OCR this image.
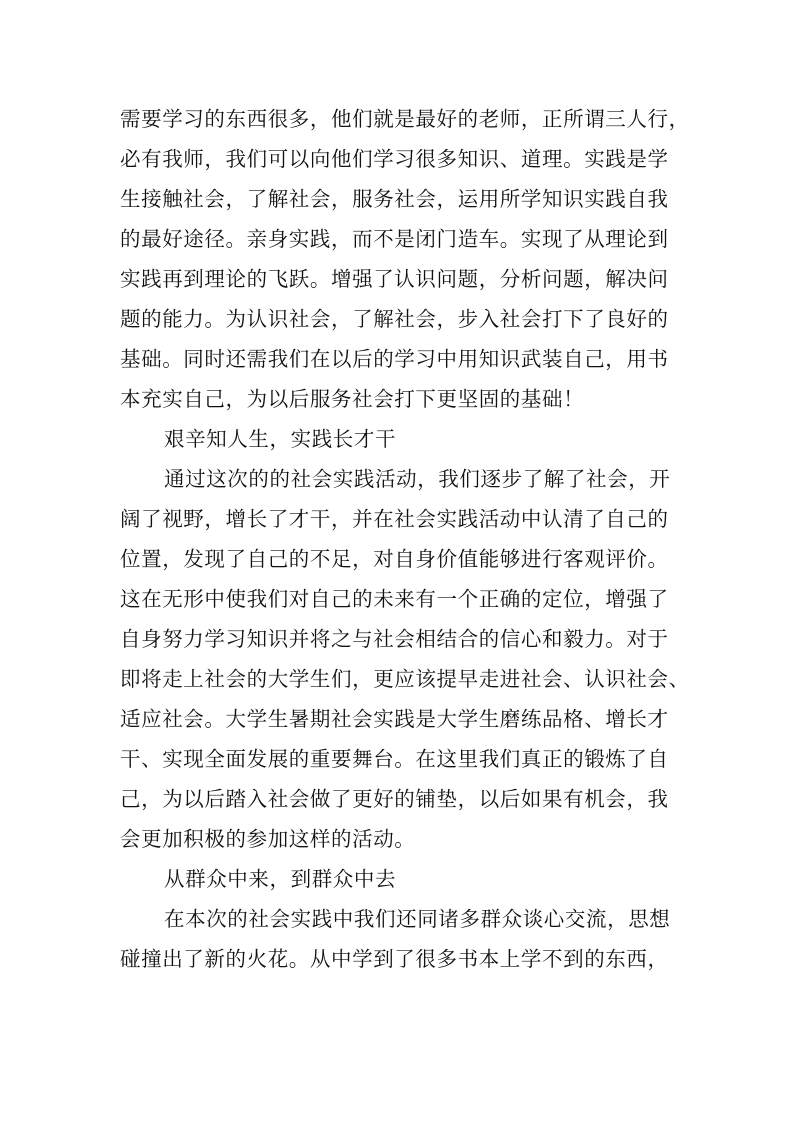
需要学习的东西很多，他们就是最好的老师，正所谓三人行，
必有我师，我们可以向他们学习很多知识、道理。实践是学
生接触社会，了解社会，服务社会，运用所学知识实践自我
的最好途径。亲身实践，而不是闭门造车。实现了从理论到
实践再到理论的飞跃。增强了认识问题，分析问题，解决问
题的能力。为认识社会，了解社会，步入社会打下了良好的
基础。同时还需我们在以后的学习中用知识武装自己，用书
本充实自己，为以后服务社会打下更坚固的基础！
艰辛知人生，实践长才干
通过这次的的社会实践活动，我们逐步了解了社会，开
阔了视野，增长了才干，并在社会实践活动中认清了自己的
位置，发现了自己的不足，对自身价值能够进行客观评价。
这在无形中使我们对自己的未来有一个正确的定位，增强了
自身努力学习知识并将之与社会相结合的信心和毅力。对于
即将走上社会的大学生们，更应该提早走进社会、认识社会、
适应社会。大学生暑期社会实践是大学生磨练品格、增长才
干、实现全面发展的重要舞台。在这里我们真正的锻炼了自
己，为以后踏入社会做了更好的铺垫，以后如果有机会，我
会更加积极的参加这样的活动。
从群众中来，到群众中去
在本次的社会实践中我们还同诸多群众谈心交流，思想
碰撞出了新的火花。从中学到了很多书本上学不到的东西，
